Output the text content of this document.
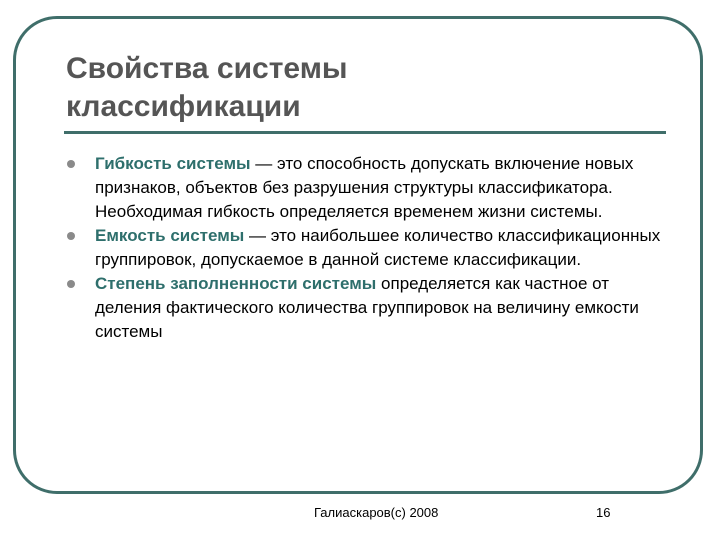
Свойства системы
классификации
Гибкость системы — это способность допускать включение новых признаков, объектов без разрушения структуры классификатора. Необходимая гибкость определяется временем жизни системы.
Емкость системы — это наибольшее количество классификационных группировок, допускаемое в данной системе классификации.
Степень заполненности системы определяется как частное от деления фактического количества группировок на величину емкости системы
Галиаскаров(с) 2008	16
